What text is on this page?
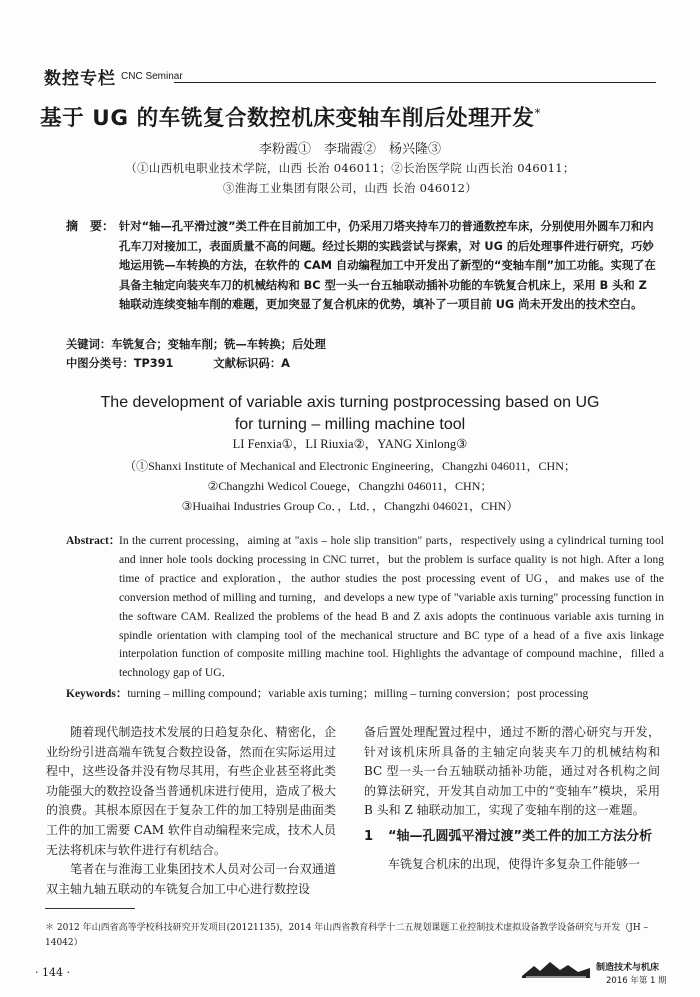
数控专栏 CNC Seminar
基于 UG 的车铣复合数控机床变轴车削后处理开发*
李粉霞①　李瑞霞②　杨兴隆③
（①山西机电职业技术学院，山西 长治 046011；②长治医学院 山西长治 046011；
③淮海工业集团有限公司，山西 长治 046012）
摘　要： 针对“轴—孔平滑过渡”类工件在目前加工中，仍采用刀塔夹持车刀的普通数控车床，分别使用外圆车刀和内孔车刀对接加工，表面质量不高的问题。经过长期的实践尝试与探索，对 UG 的后处理事件进行研究，巧妙地运用铣—车转换的方法，在软件的 CAM 自动编程加工中开发出了新型的“变轴车削”加工功能。实现了在具备主轴定向装夹车刀的机械结构和 BC 型一头一台五轴联动插补功能的车铣复合机床上，采用 B 头和 Z 轴联动连续变轴车削的难题，更加突显了复合机床的优势，填补了一项目前 UG 尚未开发出的技术空白。
关键词：车铣复合；变轴车削；铣—车转换；后处理
中图分类号：TP391	文献标识码：A
The development of variable axis turning postprocessing based on UG for turning – milling machine tool
LI Fenxia①，LI Riuxia②，YANG Xinlong③
（①Shanxi Institute of Mechanical and Electronic Engineering，Changzhi 046011，CHN；
②Changzhi Wedicol Couege，Changzhi 046011，CHN；
③Huaihai Industries Group Co．，Ltd．，Changzhi 046021，CHN）
Abstract：
In the current processing，aiming at "axis – hole slip transition" parts，respectively using a cylindrical turning tool and inner hole tools docking processing in CNC turret，but the problem is surface quality is not high. After a long time of practice and exploration，the author studies the post processing event of UG，and makes use of the conversion method of milling and turning，and develops a new type of "variable axis turning" processing function in the software CAM. Realized the problems of the head B and Z axis adopts the continuous variable axis turning in spindle orientation with clamping tool of the mechanical structure and BC type of a head of a five axis linkage interpolation function of composite milling machine tool. Highlights the advantage of compound machine，filled a technology gap of UG．
Keywords：turning – milling compound；variable axis turning；milling – turning conversion；post processing

随着现代制造技术发展的日趋复杂化、精密化，企业纷纷引进高端车铣复合数控设备，然而在实际运用过程中，这些设备并没有物尽其用，有些企业甚至将此类功能强大的数控设备当普通机床进行使用，造成了极大的浪费。其根本原因在于复杂工件的加工特别是曲面类工件的加工需要 CAM 软件自动编程来完成，技术人员无法将机床与软件进行有机结合。

笔者在与淮海工业集团技术人员对公司一台双通道双主轴九轴五联动的车铣复合加工中心进行数控设

备后置处理配置过程中，通过不断的潜心研究与开发，针对该机床所具备的主轴定向装夹车刀的机械结构和 BC 型一头一台五轴联动插补功能，通过对各机构之间的算法研究，开发其自动加工中的“变轴车”模块，采用 B 头和 Z 轴联动加工，实现了变轴车削的这一难题。

1	“轴—孔圆弧平滑过渡”类工件的加工方法分析

车铣复合机床的出现，使得许多复杂工件能够一

＊ 2012 年山西省高等学校科技研究开发项目(20121135)，2014 年山西省教育科学十二五规划课题工业控制技术虚拟设备教学设备研究与开发（JH – 14042）
· 144 ·	制造技术与机床
2016 年第 1 期
